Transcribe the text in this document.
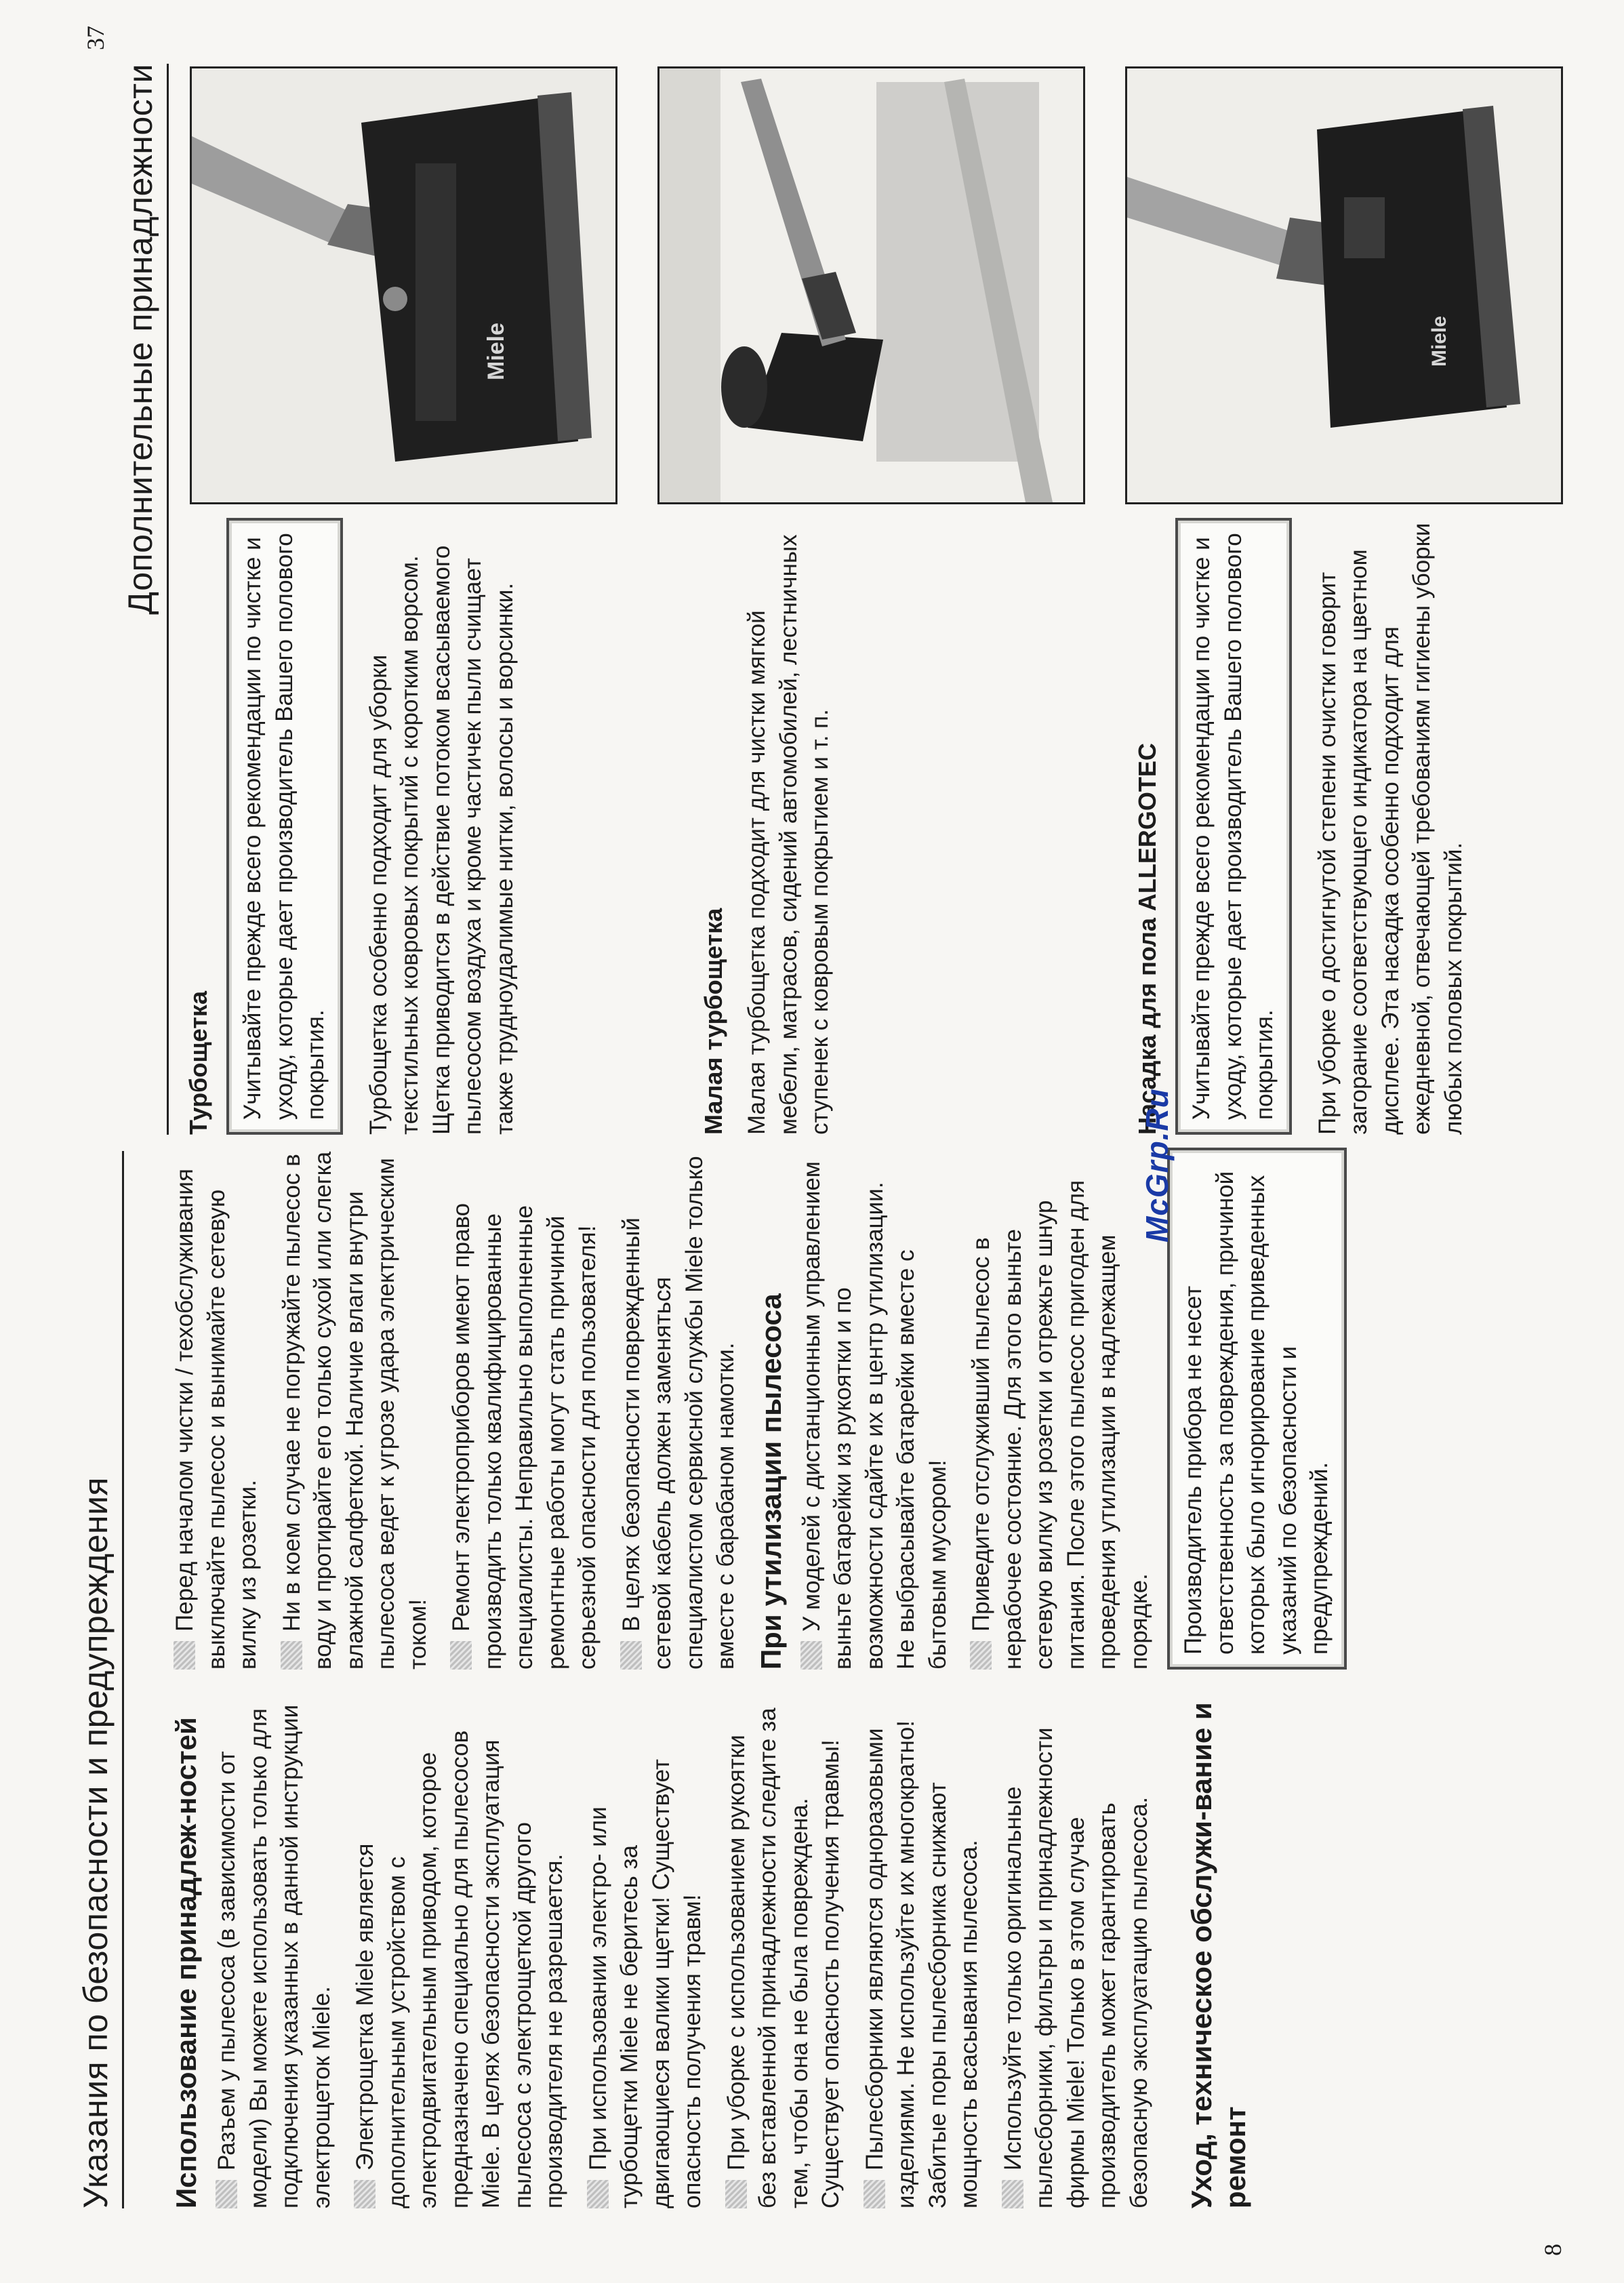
Указания по безопасности и предупреждения	Использование принадлеж-ностей Разъем у пылесоса (в зависимости от модели) Вы можете использовать только для подключения указанных в данной инструкции электрощеток Miele. Электрощетка Miele является дополнительным устройством с электродвигательным приводом, которое предназначено специально для пылесосов Miele. В целях безопасности эксплуатация пылесоса с электрощеткой другого производителя не разрешается. При использовании электро- или турбощетки Miele не беритесь за двигающиеся валики щетки! Существует опасность получения травм! При уборке с использованием рукоятки без вставленной принадлежности следите за тем, чтобы она не была повреждена. Существует опасность получения травмы! Пылесборники являются одноразовыми изделиями. Не используйте их многократно! Забитые поры пылесборника снижают мощность всасывания пылесоса. Используйте только оригинальные пылесборники, фильтры и принадлежности фирмы Miele! Только в этом случае производитель может гарантировать безопасную эксплуатацию пылесоса. Уход, техническое обслужи-вание и ремонт

Перед началом чистки / техобслуживания выключайте пылесос и вынимайте сетевую вилку из розетки. Ни в коем случае не погружайте пылесос в воду и протирайте его только сухой или слегка влажной салфеткой. Наличие влаги внутри пылесоса ведет к угрозе удара электрическим током!

Ремонт электроприборов имеют право производить только квалифицированные специалисты. Неправильно выполненные ремонтные работы могут стать причиной серьезной опасности для пользователя! В целях безопасности поврежденный сетевой кабель должен заменяться специалистом сервисной службы Miele только вместе с барабаном намотки. При утилизации пылесоса У моделей с дистанционным управлением выньте батарейки из рукоятки и по возможности сдайте их в центр утилизации. Не выбрасывайте батарейки вместе с бытовым мусором! Приведите отслуживший пылесос в нерабочее состояние. Для этого выньте сетевую вилку из розетки и отрежьте шнур питания. После этого пылесос пригоден для проведения утилизации в надлежащем порядке.	Производитель прибора не несет ответственность за повреждения, причиной которых было игнорирование приведенных указаний по безопасности и предупреждений.
8
Дополнительные принадлежности
Турбощетка	Учитывайте прежде всего рекомендации по чистке и уходу, которые дает производитель Вашего полового покрытия.	Турбощетка особенно подходит для уборки текстильных ковровых покрытий с коротким ворсом. Щетка приводится в действие потоком всасываемого пылесосом воздуха и кроме частичек пыли счищает также трудноудалимые нитки, волосы и ворсинки.	Малая турбощетка Малая турбощетка подходит для чистки мягкой мебели, матрасов, сидений автомобилей, лестничных ступенек с ковровым покрытием и т. п.	Насадка для пола ALLERGOTEC	Учитывайте прежде всего рекомендации по чистке и уходу, которые дает производитель Вашего полового покрытия.	При уборке о достигнутой степени очистки говорит загорание соответствующего индикатора на цветном дисплее. Эта насадка особенно подходит для ежедневной, отвечающей требованиям гигиены уборки любых половых покрытий.

Miele	Miele
37
McGrp.Ru
